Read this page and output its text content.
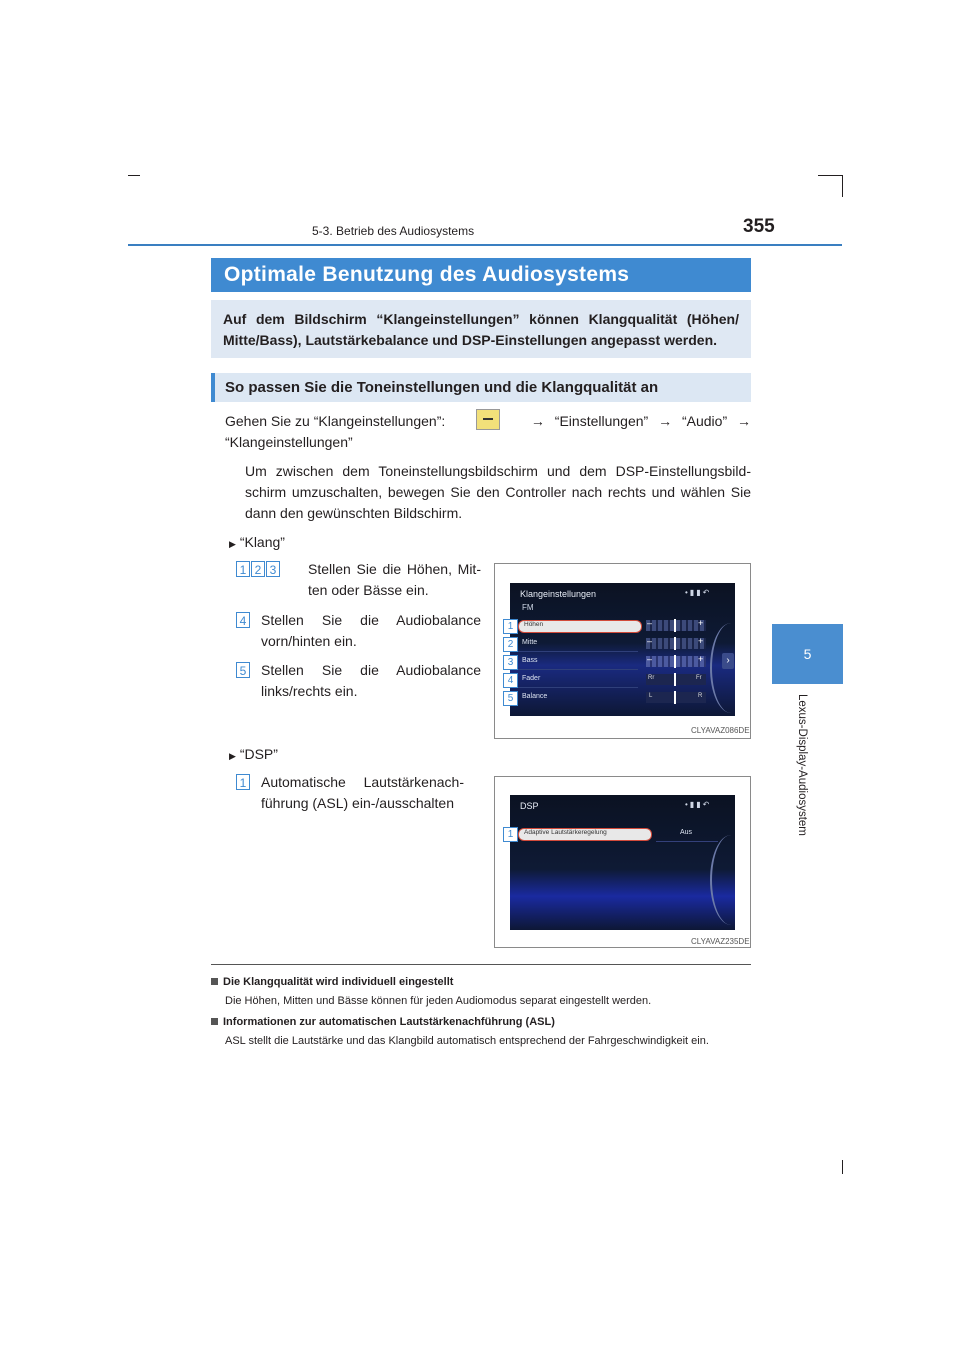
5-3. Betrieb des Audiosystems	355
5
Lexus-Display-Audiosystem
Optimale Benutzung des Audiosystems
Auf dem Bildschirm “Klangeinstellungen” können Klangqualität (Höhen/ Mitte/Bass), Lautstärkebalance und DSP-Einstellungen angepasst werden.
So passen Sie die Toneinstellungen und die Klangqualität an
Gehen Sie zu “Klangeinstellungen”:	→ “Einstellungen” → “Audio” →
“Klangeinstellungen”
Um zwischen dem Toneinstellungsbildschirm und dem DSP-Einstellungsbildschirm umzuschalten, bewegen Sie den Controller nach rechts und wählen Sie dann den gewünschten Bildschirm.
▶ “Klang”
1 2 3	Stellen Sie die Höhen, Mitten oder Bässe ein.
4	Stellen Sie die Audiobalance vorn/hinten ein.
5	Stellen Sie die Audiobalance links/rechts ein.
▶ “DSP”
1	Automatische Lautstärkenachführung (ASL) ein-/ausschalten
Klangeinstellungen	•▮▮↶
FM
Höhen
Mitte
Bass
Fader
Balance
–	+
–	+
–	+
Rr	Fr
L	R
›
1
2
3
4
5
CLYAVAZ086DE
DSP	•▮▮↶
Adaptive Lautstärkeregelung	Aus
1
CLYAVAZ235DE
Die Klangqualität wird individuell eingestellt
Die Höhen, Mitten und Bässe können für jeden Audiomodus separat eingestellt werden.
Informationen zur automatischen Lautstärkenachführung (ASL)
ASL stellt die Lautstärke und das Klangbild automatisch entsprechend der Fahrgeschwindigkeit ein.
